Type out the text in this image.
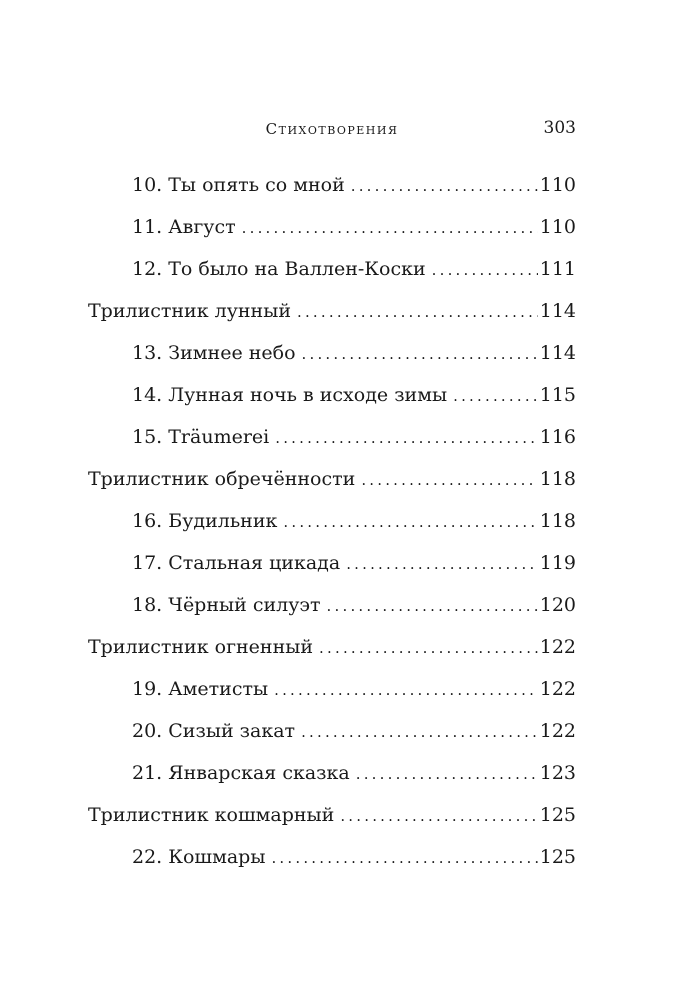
Стихотворения	303
10. Ты опять со мной .....	110
11. Август .....	110
12. То было на Валлен-Коски .....	111
Трилистник лунный .....	114
13. Зимнее небо .....	114
14. Лунная ночь в исходе зимы .....	115
15. Träumerei .....	116
Трилистник обречённости .....	118
16. Будильник .....	118
17. Стальная цикада .....	119
18. Чёрный силуэт .....	120
Трилистник огненный .....	122
19. Аметисты .....	122
20. Сизый закат .....	122
21. Январская сказка .....	123
Трилистник кошмарный .....	125
22. Кошмары .....	125
